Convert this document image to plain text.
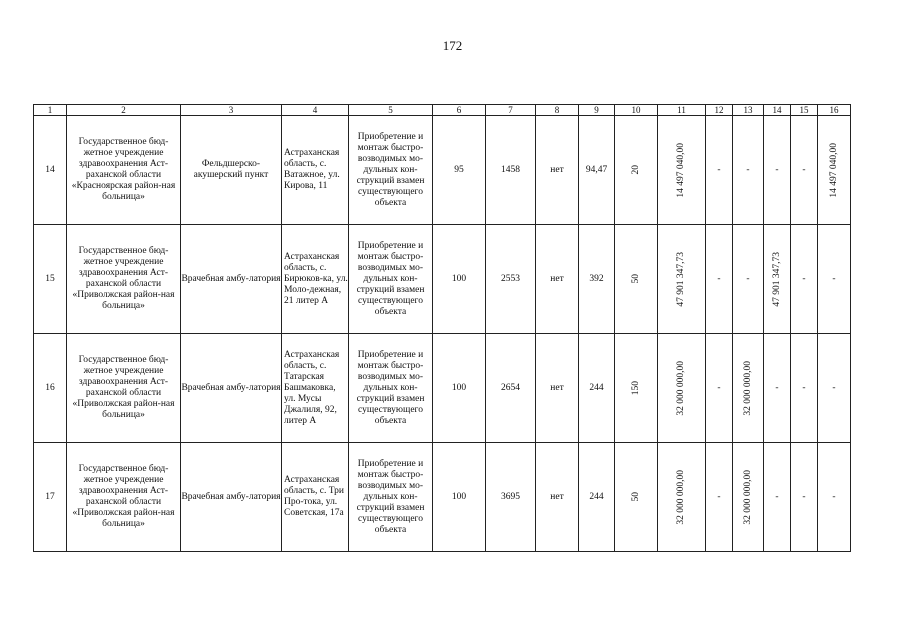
172
1	2	3	4	5	6	7	8	9	10	11	12	13	14	15	16
14	Государственное бюд-жетное учреждение здравоохранения Аст-раханской области «Красноярская район-ная больница»	Фельдшерско-акушерский пункт	Астраханская область, с. Ватажное, ул. Кирова, 11	Приобретение и монтаж быстро-возводимых мо-дульных кон-струкций взамен существующего объекта	95	1458	нет	94,47	20	14 497 040,00	-	-	-	-	14 497 040,00

15	Государственное бюд-жетное учреждение здравоохранения Аст-раханской области «Приволжская район-ная больница»	Врачебная амбу-латория	Астраханская область, с. Бирюков-ка, ул. Моло-дежная, 21 литер А	Приобретение и монтаж быстро-возводимых мо-дульных кон-струкций взамен существующего объекта	100	2553	нет	392	50	47 901 347,73	-	-	47 901 347,73	-	-
16	Государственное бюд-жетное учреждение здравоохранения Аст-раханской области «Приволжская район-ная больница»	Врачебная амбу-латория	Астраханская область, с. Татарская Башмаковка, ул. Мусы Джалиля, 92, литер А	Приобретение и монтаж быстро-возводимых мо-дульных кон-струкций взамен существующего объекта	100	2654	нет	244	150	32 000 000,00	-	32 000 000,00	-	-	-
17	Государственное бюд-жетное учреждение здравоохранения Аст-раханской области «Приволжская район-ная больница»	Врачебная амбу-латория	Астраханская область, с. Три Про-тока, ул. Советская, 17а	Приобретение и монтаж быстро-возводимых мо-дульных кон-струкций взамен существующего объекта	100	3695	нет	244	50	32 000 000,00	-	32 000 000,00	-	-	-
